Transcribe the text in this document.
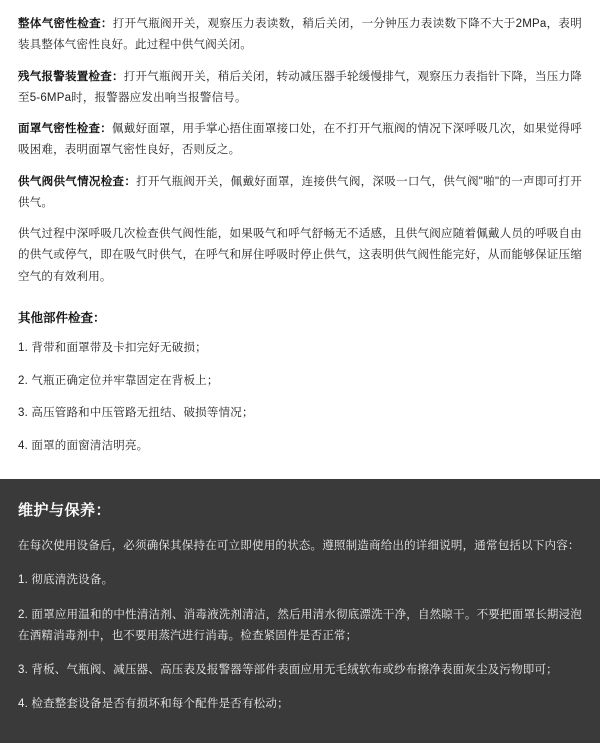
整体气密性检查：打开气瓶阀开关，观察压力表读数，稍后关闭，一分钟压力表读数下降不大于2MPa，表明装具整体气密性良好。此过程中供气阀关闭。

残气报警装置检查：打开气瓶阀开关，稍后关闭，转动减压器手轮缓慢排气，观察压力表指针下降，当压力降至5-6MPa时，报警器应发出响当报警信号。

面罩气密性检查：佩戴好面罩，用手掌心捂住面罩接口处，在不打开气瓶阀的情况下深呼吸几次，如果觉得呼吸困难，表明面罩气密性良好，否则反之。

供气阀供气情况检查：打开气瓶阀开关，佩戴好面罩，连接供气阀，深吸一口气，供气阀"啪"的一声即可打开供气。

供气过程中深呼吸几次检查供气阀性能，如果吸气和呼气舒畅无不适感，且供气阀应随着佩戴人员的呼吸自由的供气或停气，即在吸气时供气，在呼气和屏住呼吸时停止供气，这表明供气阀性能完好，从而能够保证压缩空气的有效利用。

其他部件检查：

1. 背带和面罩带及卡扣完好无破损；

2. 气瓶正确定位并牢靠固定在背板上；

3. 高压管路和中压管路无扭结、破损等情况；

4. 面罩的面窗清洁明亮。

维护与保养：

在每次使用设备后，必须确保其保持在可立即使用的状态。遵照制造商给出的详细说明，通常包括以下内容：

1. 彻底清洗设备。

2. 面罩应用温和的中性清洁剂、消毒液洗剂清洁，然后用清水彻底漂洗干净，自然晾干。不要把面罩长期浸泡在酒精消毒剂中，也不要用蒸汽进行消毒。检查紧固件是否正常；

3. 背板、气瓶阀、减压器、高压表及报警器等部件表面应用无毛绒软布或纱布擦净表面灰尘及污物即可；

4. 检查整套设备是否有损坏和每个配件是否有松动；
